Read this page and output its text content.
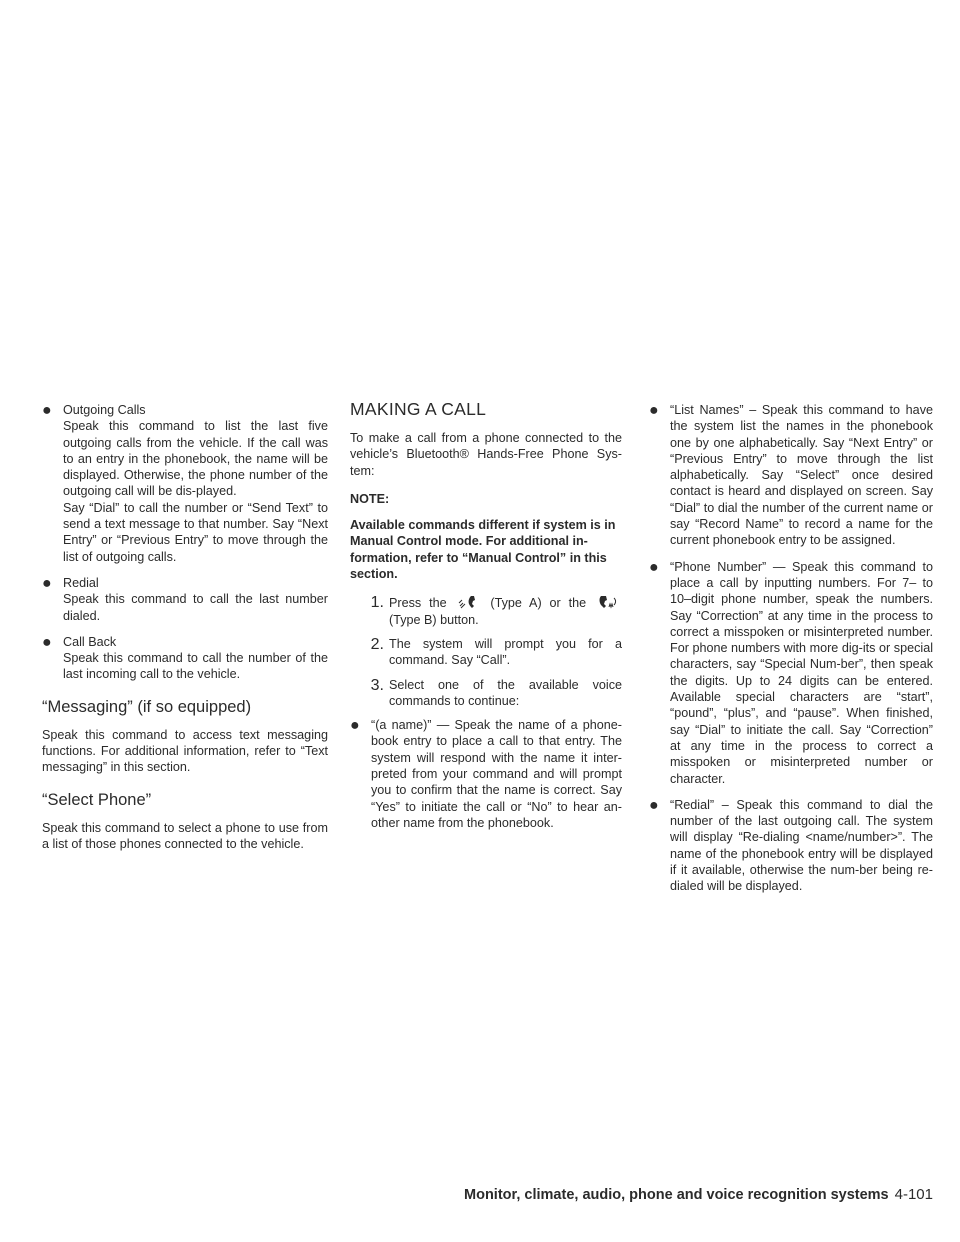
● Outgoing Calls

Speak this command to list the last five outgoing calls from the vehicle. If the call was to an entry in the phonebook, the name will be displayed. Otherwise, the phone number of the outgoing call will be dis-played.

Say “Dial” to call the number or “Send Text” to send a text message to that number. Say “Next Entry” or “Previous Entry” to move through the list of outgoing calls.

● Redial

Speak this command to call the last number dialed.

● Call Back

Speak this command to call the number of the last incoming call to the vehicle.

“Messaging” (if so equipped)

Speak this command to access text messaging functions. For additional information, refer to “Text messaging” in this section.

“Select Phone”

Speak this command to select a phone to use from a list of those phones connected to the vehicle.

MAKING A CALL

To make a call from a phone connected to the vehicle’s Bluetooth® Hands-Free Phone Sys-tem:

NOTE:

Available commands different if system is in Manual Control mode. For additional in-formation, refer to “Manual Control” in this section.

1. Press the	(Type A) or the  (Type B) button.

2. The system will prompt you for a command. Say “Call”.

3. Select one of the available voice commands to continue:

● “(a name)” — Speak the name of a phone-book entry to place a call to that entry. The system will respond with the name it inter-preted from your command and will prompt you to confirm that the name is correct. Say “Yes” to initiate the call or “No” to hear an-other name from the phonebook.

● “List Names” – Speak this command to have the system list the names in the phonebook one by one alphabetically. Say “Next Entry” or “Previous Entry” to move through the list alphabetically. Say “Select” once desired contact is heard and displayed on screen. Say “Dial” to dial the number of the current name or say “Record Name” to record a name for the current phonebook entry to be assigned.

● “Phone Number” — Speak this command to place a call by inputting numbers. For 7– to 10–digit phone number, speak the numbers. Say “Correction” at any time in the process to correct a misspoken or misinterpreted number. For phone numbers with more dig-its or special characters, say “Special Num-ber”, then speak the digits. Up to 24 digits can be entered. Available special characters are “start”, “pound”, “plus”, and “pause”. When finished, say “Dial” to initiate the call. Say “Correction” at any time in the process to correct a misspoken or misinterpreted number or character.

● “Redial” – Speak this command to dial the number of the last outgoing call. The system will display “Re-dialing <name/number>”. The name of the phonebook entry will be displayed if it available, otherwise the num-ber being re-dialed will be displayed.

Monitor, climate, audio, phone and voice recognition systems 4-101
